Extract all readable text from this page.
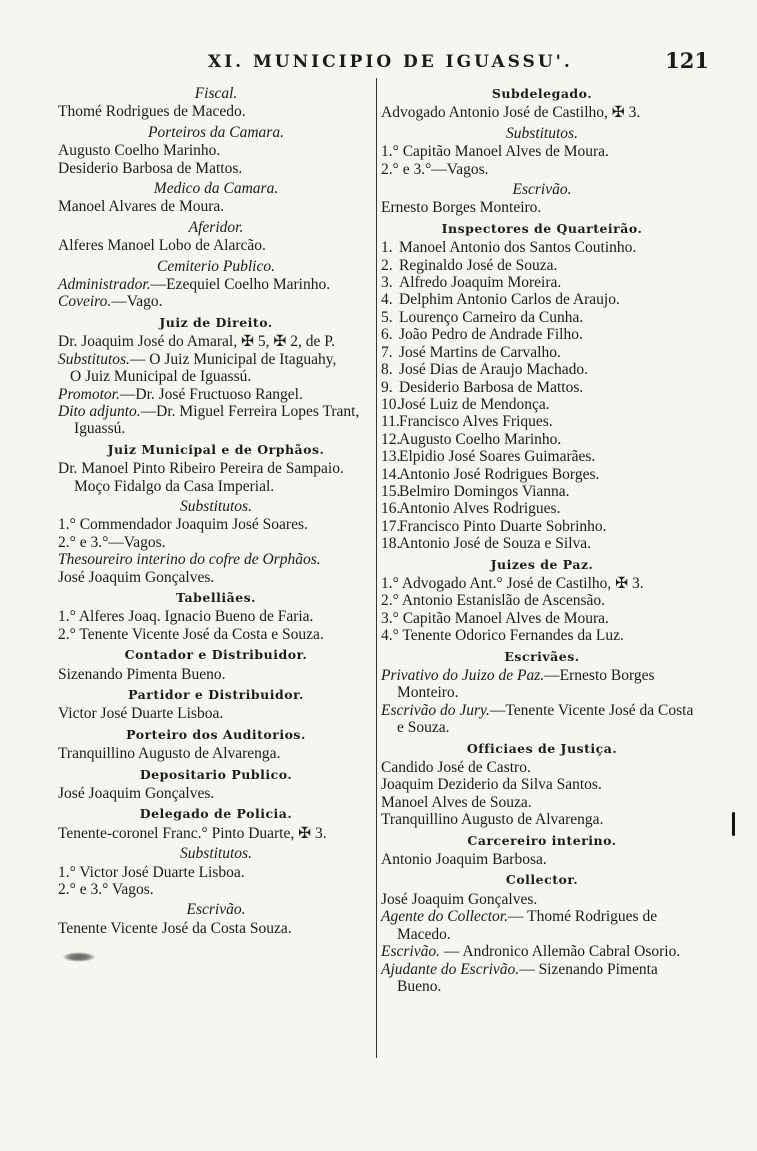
XI. MUNICIPIO DE IGUASSU'.	121
Fiscal.
Thomé Rodrigues de Macedo.
Porteiros da Camara.
Augusto Coelho Marinho.
Desiderio Barbosa de Mattos.
Medico da Camara.
Manoel Alvares de Moura.
Aferidor.
Alferes Manoel Lobo de Alarcão.
Cemiterio Publico.
Administrador.—Ezequiel Coelho Marinho.
Coveiro.—Vago.
Juiz de Direito.
Dr. Joaquim José do Amaral, ✠ 5, ✠ 2, de P.
Substitutos.— O Juiz Municipal de Itaguahy,
O Juiz Municipal de Iguassú.
Promotor.—Dr. José Fructuoso Rangel.
Dito adjunto.—Dr. Miguel Ferreira Lopes Trant, Iguassú.
Juiz Municipal e de Orphãos.
Dr. Manoel Pinto Ribeiro Pereira de Sampaio. Moço Fidalgo da Casa Imperial.
Substitutos.
1.° Commendador Joaquim José Soares.
2.° e 3.°—Vagos.
Thesoureiro interino do cofre de Orphãos.
José Joaquim Gonçalves.
Tabelliães.
1.° Alferes Joaq. Ignacio Bueno de Faria.
2.° Tenente Vicente José da Costa e Souza.
Contador e Distribuidor.
Sizenando Pimenta Bueno.
Partidor e Distribuidor.
Victor José Duarte Lisboa.
Porteiro dos Auditorios.
Tranquillino Augusto de Alvarenga.
Depositario Publico.
José Joaquim Gonçalves.
Delegado de Policia.
Tenente-coronel Franc.° Pinto Duarte, ✠ 3.
Substitutos.
1.° Victor José Duarte Lisboa.
2.° e 3.° Vagos.
Escrivão.
Tenente Vicente José da Costa Souza.
Subdelegado.
Advogado Antonio José de Castilho, ✠ 3.
Substitutos.
1.° Capitão Manoel Alves de Moura.
2.° e 3.°—Vagos.
Escrivão.
Ernesto Borges Monteiro.
Inspectores de Quarteirão.
1. Manoel Antonio dos Santos Coutinho.
2. Reginaldo José de Souza.
3. Alfredo Joaquim Moreira.
4. Delphim Antonio Carlos de Araujo.
5. Lourenço Carneiro da Cunha.
6. João Pedro de Andrade Filho.
7. José Martins de Carvalho.
8. José Dias de Araujo Machado.
9. Desiderio Barbosa de Mattos.
10.José Luiz de Mendonça.
11.Francisco Alves Friques.
12.Augusto Coelho Marinho.
13.Elpidio José Soares Guimarães.
14.Antonio José Rodrigues Borges.
15.Belmiro Domingos Vianna.
16.Antonio Alves Rodrigues.
17.Francisco Pinto Duarte Sobrinho.
18.Antonio José de Souza e Silva.
Juizes de Paz.
1.° Advogado Ant.° José de Castilho, ✠ 3.
2.° Antonio Estanislão de Ascensão.
3.° Capitão Manoel Alves de Moura.
4.° Tenente Odorico Fernandes da Luz.
Escrivães.
Privativo do Juizo de Paz.—Ernesto Borges Monteiro.
Escrivão do Jury.—Tenente Vicente José da Costa e Souza.
Officiaes de Justiça.
Candido José de Castro.
Joaquim Deziderio da Silva Santos.
Manoel Alves de Souza.
Tranquillino Augusto de Alvarenga.
Carcereiro interino.
Antonio Joaquim Barbosa.
Collector.
José Joaquim Gonçalves.
Agente do Collector.— Thomé Rodrigues de Macedo.
Escrivão. — Andronico Allemão Cabral Osorio.
Ajudante do Escrivão.— Sizenando Pimenta Bueno.
